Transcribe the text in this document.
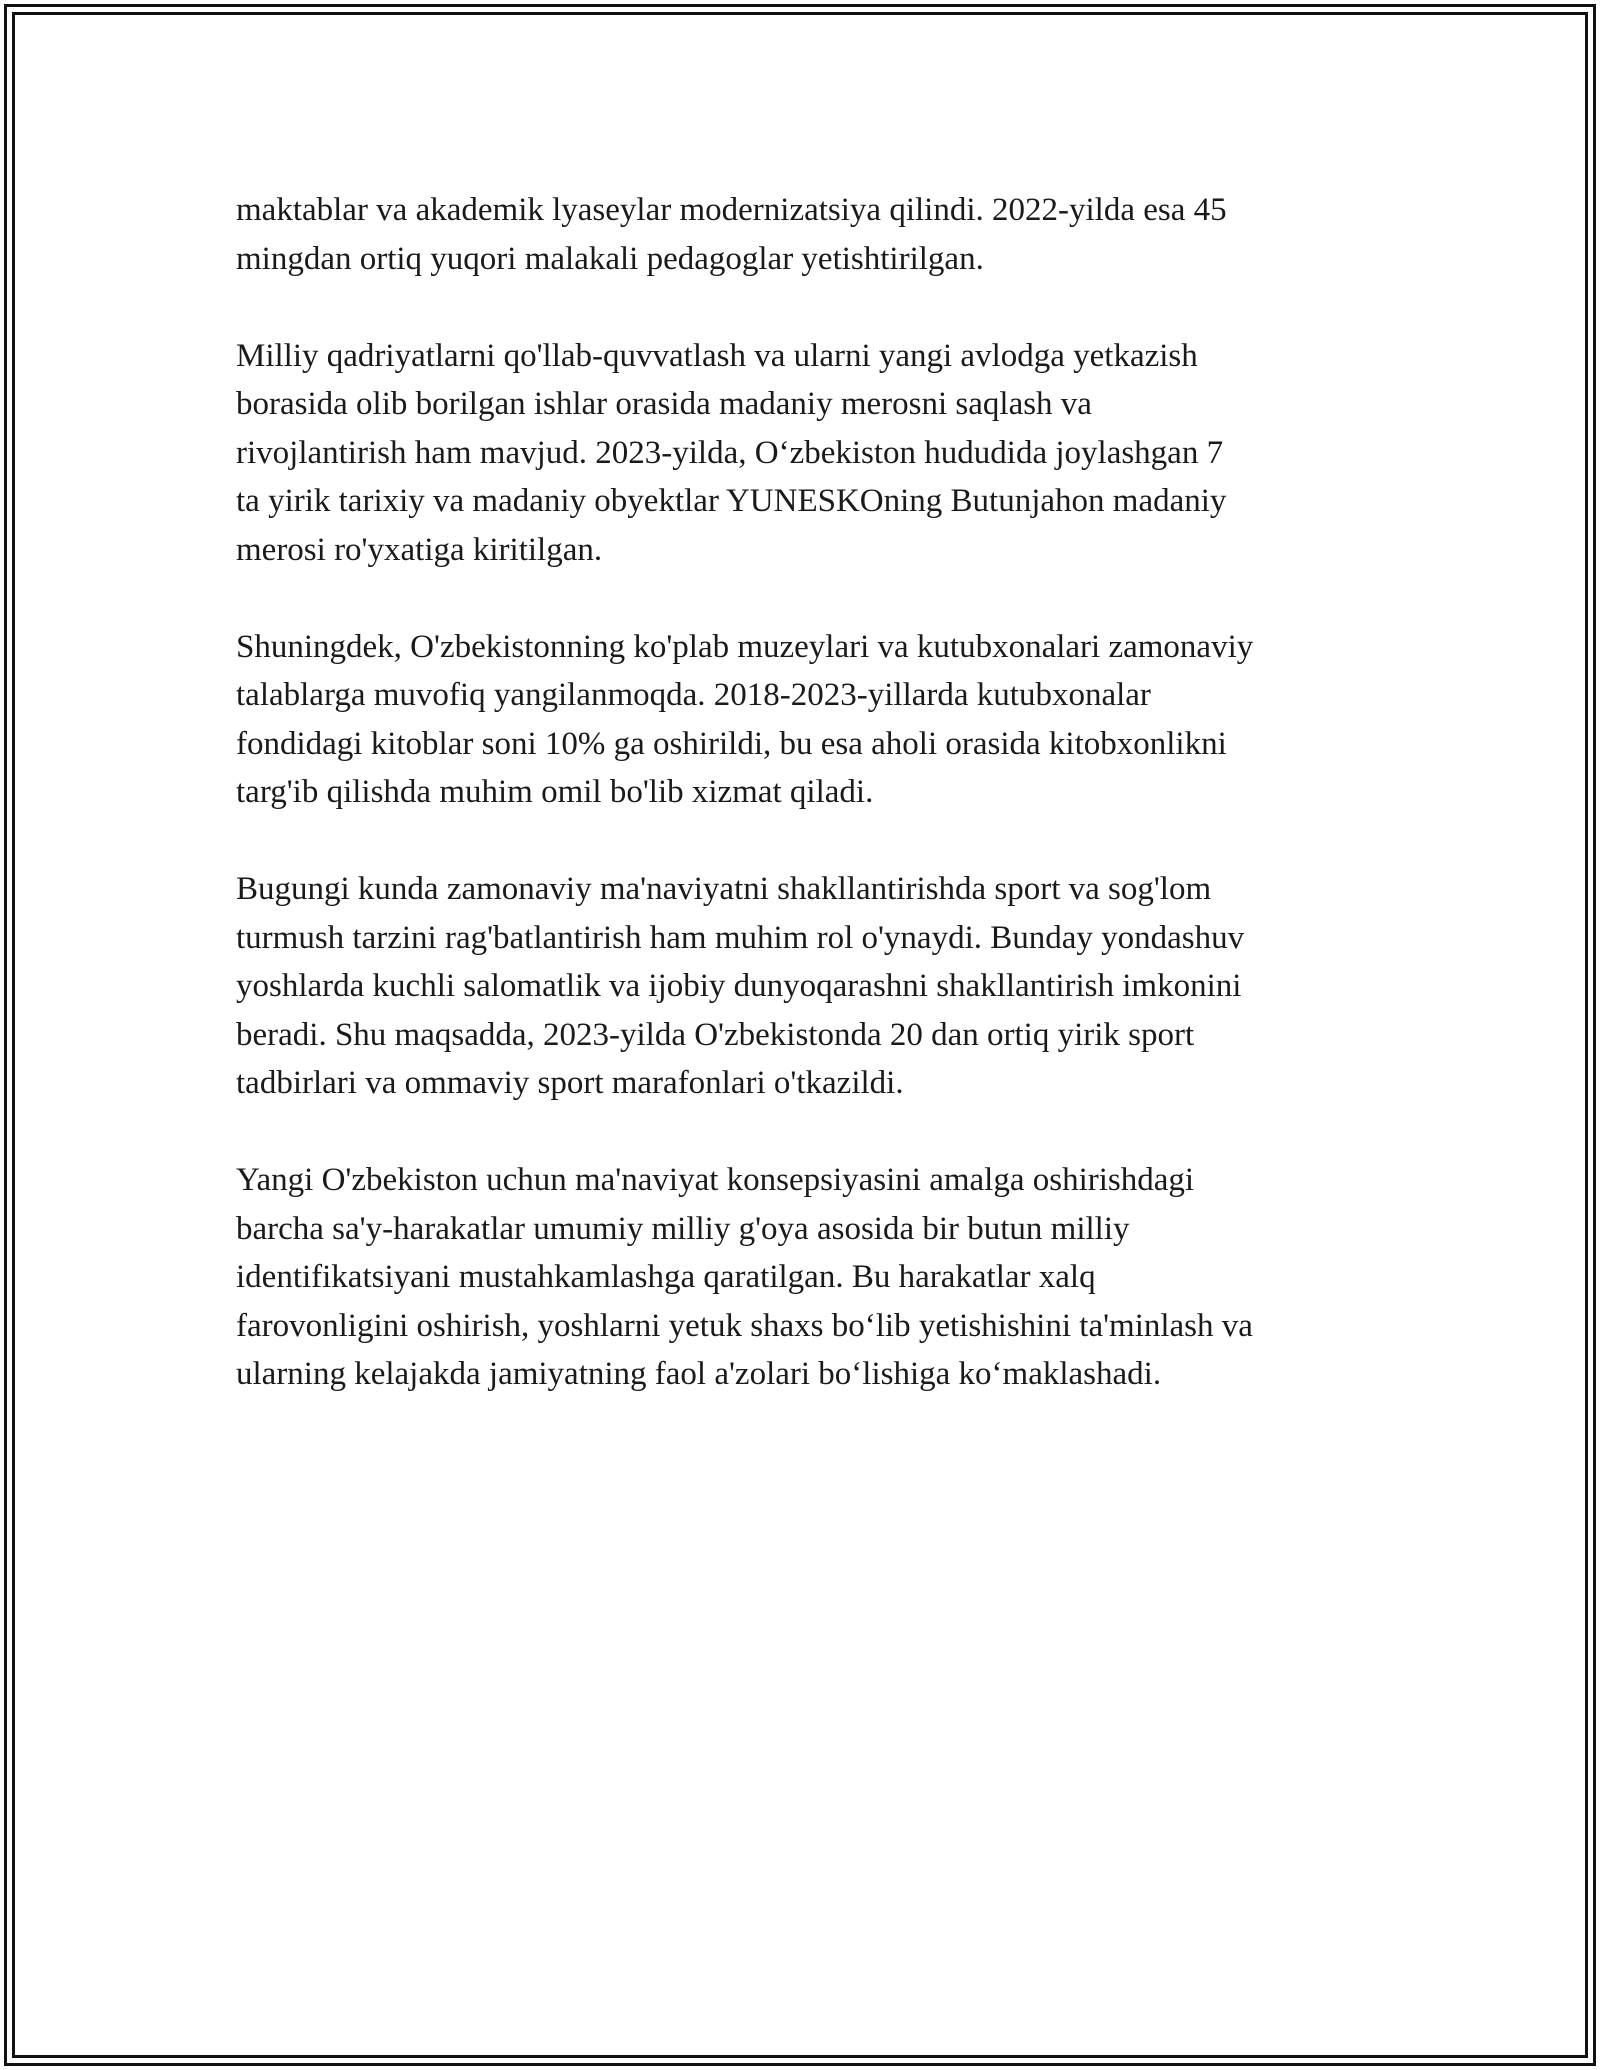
maktablar va akademik lyaseylar modernizatsiya qilindi. 2022-yilda esa 45
mingdan ortiq yuqori malakali pedagoglar yetishtirilgan.

Milliy qadriyatlarni qo'llab-quvvatlash va ularni yangi avlodga yetkazish
borasida olib borilgan ishlar orasida madaniy merosni saqlash va
rivojlantirish ham mavjud. 2023-yilda, O‘zbekiston hududida joylashgan 7
ta yirik tarixiy va madaniy obyektlar YUNESKOning Butunjahon madaniy
merosi ro'yxatiga kiritilgan.

Shuningdek, O'zbekistonning ko'plab muzeylari va kutubxonalari zamonaviy
talablarga muvofiq yangilanmoqda. 2018-2023-yillarda kutubxonalar
fondidagi kitoblar soni 10% ga oshirildi, bu esa aholi orasida kitobxonlikni
targ'ib qilishda muhim omil bo'lib xizmat qiladi.

Bugungi kunda zamonaviy ma'naviyatni shakllantirishda sport va sog'lom
turmush tarzini rag'batlantirish ham muhim rol o'ynaydi. Bunday yondashuv
yoshlarda kuchli salomatlik va ijobiy dunyoqarashni shakllantirish imkonini
beradi. Shu maqsadda, 2023-yilda O'zbekistonda 20 dan ortiq yirik sport
tadbirlari va ommaviy sport marafonlari o'tkazildi.

Yangi O'zbekiston uchun ma'naviyat konsepsiyasini amalga oshirishdagi
barcha sa'y-harakatlar umumiy milliy g'oya asosida bir butun milliy
identifikatsiyani mustahkamlashga qaratilgan. Bu harakatlar xalq
farovonligini oshirish, yoshlarni yetuk shaxs bo‘lib yetishishini ta'minlash va
ularning kelajakda jamiyatning faol a'zolari bo‘lishiga ko‘maklashadi.
